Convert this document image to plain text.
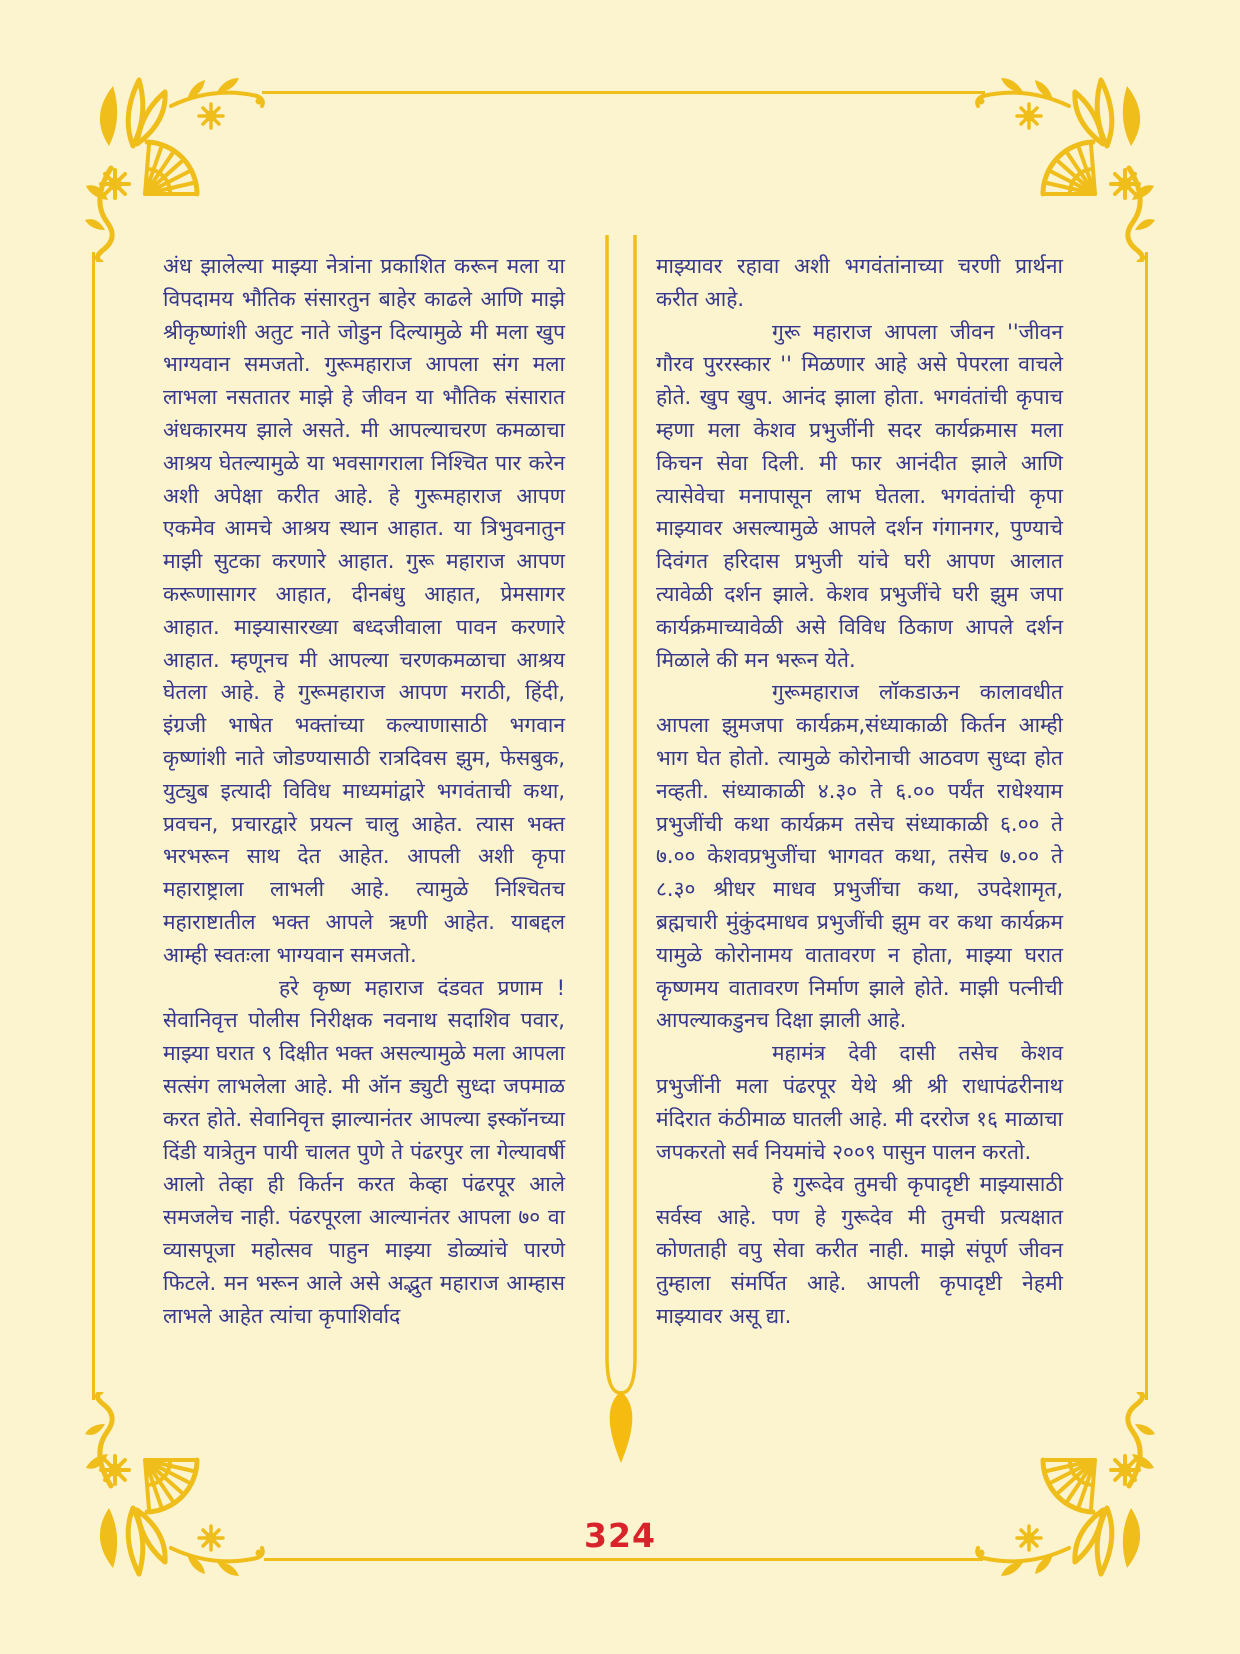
अंध झालेल्या माझ्या नेत्रांना प्रकाशित करून मला या विपदामय भौतिक संसारतुन बाहेर काढले आणि माझे श्रीकृष्णांशी अतुट नाते जोडुन दिल्यामुळे मी मला खुप भाग्यवान समजतो. गुरूमहाराज आपला संग मला लाभला नसतातर माझे हे जीवन या भौतिक संसारात अंधकारमय झाले असते. मी आपल्याचरण कमळाचा आश्रय घेतल्यामुळे या भवसागराला निश्चित पार करेन अशी अपेक्षा करीत आहे. हे गुरूमहाराज आपण एकमेव आमचे आश्रय स्थान आहात. या त्रिभुवनातुन माझी सुटका करणारे आहात. गुरू महाराज आपण करूणासागर आहात, दीनबंधु आहात, प्रेमसागर आहात. माझ्यासारख्या बध्दजीवाला पावन करणारे आहात. म्हणूनच मी आपल्या चरणकमळाचा आश्रय घेतला आहे. हे गुरूमहाराज आपण मराठी, हिंदी, इंग्रजी भाषेत भक्तांच्या कल्याणासाठी भगवान कृष्णांशी नाते जोडण्यासाठी रात्रदिवस झुम, फेसबुक, युट्युब इत्यादी विविध माध्यमांद्वारे भगवंताची कथा, प्रवचन, प्रचारद्वारे प्रयत्न चालु आहेत. त्यास भक्त भरभरून साथ देत आहेत. आपली अशी कृपा महाराष्ट्राला लाभली आहे. त्यामुळे निश्चितच महाराष्टातील भक्त आपले ऋणी आहेत. याबद्दल आम्ही स्वतःला भाग्यवान समजतो.

हरे कृष्ण महाराज दंडवत प्रणाम ! सेवानिवृत्त पोलीस निरीक्षक नवनाथ सदाशिव पवार, माझ्या घरात ९ दिक्षीत भक्त असल्यामुळे मला आपला सत्संग लाभलेला आहे. मी ऑन ड्युटी सुध्दा जपमाळ करत होते. सेवानिवृत्त झाल्यानंतर आपल्या इस्कॉनच्या दिंडी यात्रेतुन पायी चालत पुणे ते पंढरपुर ला गेल्यावर्षी आलो तेव्हा ही किर्तन करत केव्हा पंढरपूर आले समजलेच नाही. पंढरपूरला आल्यानंतर आपला ७० वा व्यासपूजा महोत्सव पाहुन माझ्या डोळ्यांचे पारणे फिटले. मन भरून आले असे अद्भुत महाराज आम्हास लाभले आहेत त्यांचा कृपाशिर्वाद

माझ्यावर रहावा अशी भगवंतांनाच्या चरणी प्रार्थना करीत आहे.

गुरू महाराज आपला जीवन ''जीवन गौरव पुररस्कार '' मिळणार आहे असे पेपरला वाचले होते. खुप खुप. आनंद झाला होता. भगवंतांची कृपाच म्हणा मला केशव प्रभुजींनी सदर कार्यक्रमास मला किचन सेवा दिली. मी फार आनंदीत झाले आणि त्यासेवेचा मनापासून लाभ घेतला. भगवंतांची कृपा माझ्यावर असल्यामुळे आपले दर्शन गंगानगर, पुण्याचे दिवंगत हरिदास प्रभुजी यांचे घरी आपण आलात त्यावेळी दर्शन झाले. केशव प्रभुजींचे घरी झुम जपा कार्यक्रमाच्यावेळी असे विविध ठिकाण आपले दर्शन मिळाले की मन भरून येते.

गुरूमहाराज लॉकडाऊन कालावधीत आपला झुमजपा कार्यक्रम,संध्याकाळी किर्तन आम्ही भाग घेत होतो. त्यामुळे कोरोनाची आठवण सुध्दा होत नव्हती. संध्याकाळी ४.३० ते ६.०० पर्यंत राधेश्याम प्रभुजींची कथा कार्यक्रम तसेच संध्याकाळी ६.०० ते ७.०० केशवप्रभुजींचा भागवत कथा, तसेच ७.०० ते ८.३० श्रीधर माधव प्रभुजींचा कथा, उपदेशामृत, ब्रह्मचारी मुंकुंदमाधव प्रभुजींची झुम वर कथा कार्यक्रम यामुळे कोरोनामय वातावरण न होता, माझ्या घरात कृष्णमय वातावरण निर्माण झाले होते. माझी पत्नीची आपल्याकडुनच दिक्षा झाली आहे.

महामंत्र देवी दासी तसेच केशव प्रभुजींनी मला पंढरपूर येथे श्री श्री राधापंढरीनाथ मंदिरात कंठीमाळ घातली आहे. मी दररोज १६ माळाचा जपकरतो सर्व नियमांचे २००९ पासुन पालन करतो.

हे गुरूदेव तुमची कृपादृष्टी माझ्यासाठी सर्वस्व आहे. पण हे गुरूदेव मी तुमची प्रत्यक्षात कोणताही वपु सेवा करीत नाही. माझे संपूर्ण जीवन तुम्हाला संमर्पित आहे. आपली कृपादृष्टी नेहमी माझ्यावर असू द्या.

324
